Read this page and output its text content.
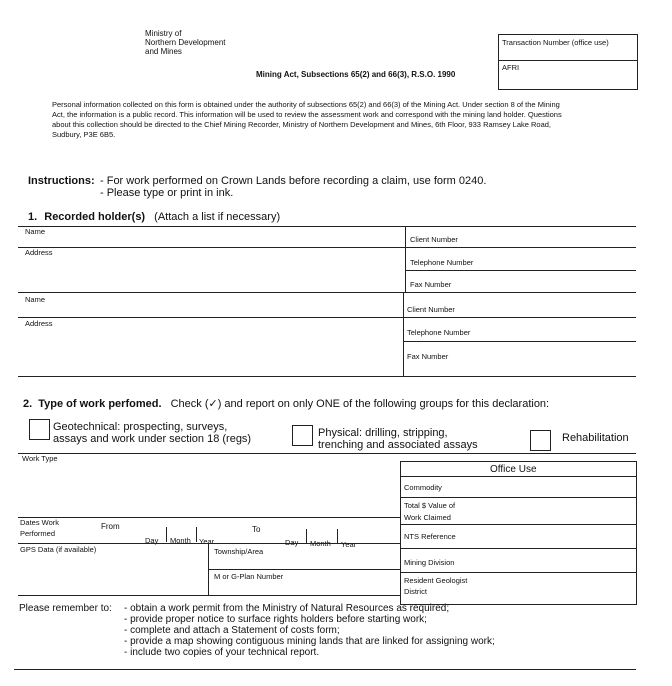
Ministry of
Northern Development
and Mines
Mining Act, Subsections 65(2) and 66(3), R.S.O. 1990
Transaction Number (office use)
AFRI
Personal information collected on this form is obtained under the authority of subsections 65(2) and 66(3) of the Mining Act. Under section 8 of the Mining
Act, the information is a public record. This information will be used to review the assessment work and correspond with the mining land holder. Questions
about this collection should be directed to the Chief Mining Recorder, Ministry of Northern Development and Mines, 6th Floor, 933 Ramsey Lake Road,
Sudbury, P3E 6B5.
Instructions: - For work performed on Crown Lands before recording a claim, use form 0240.
- Please type or print in ink.
1. Recorded holder(s) (Attach a list if necessary)
Name
Client Number
Address
Telephone Number
Fax Number
Name
Client Number
Address
Telephone Number
Fax Number
2. Type of work perfomed. Check (✓) and report on only ONE of the following groups for this declaration:
Geotechnical: prospecting, surveys,
assays and work under section 18 (regs)	Physical: drilling, stripping,
trenching and associated assays
Rehabilitation
Work Type
Office Use
Commodity
Total $ Value of
Work Claimed
NTS Reference
Mining Division
Resident Geologist
District
Dates Work
Performed
From	To
Day Month Year	Day Month Year
GPS Data (if available)	Township/Area
M or G-Plan Number
Please remember to: - obtain a work permit from the Ministry of Natural Resources as required;
- provide proper notice to surface rights holders before starting work;
- complete and attach a Statement of costs form;
- provide a map showing contiguous mining lands that are linked for assigning work;
- include two copies of your technical report.
